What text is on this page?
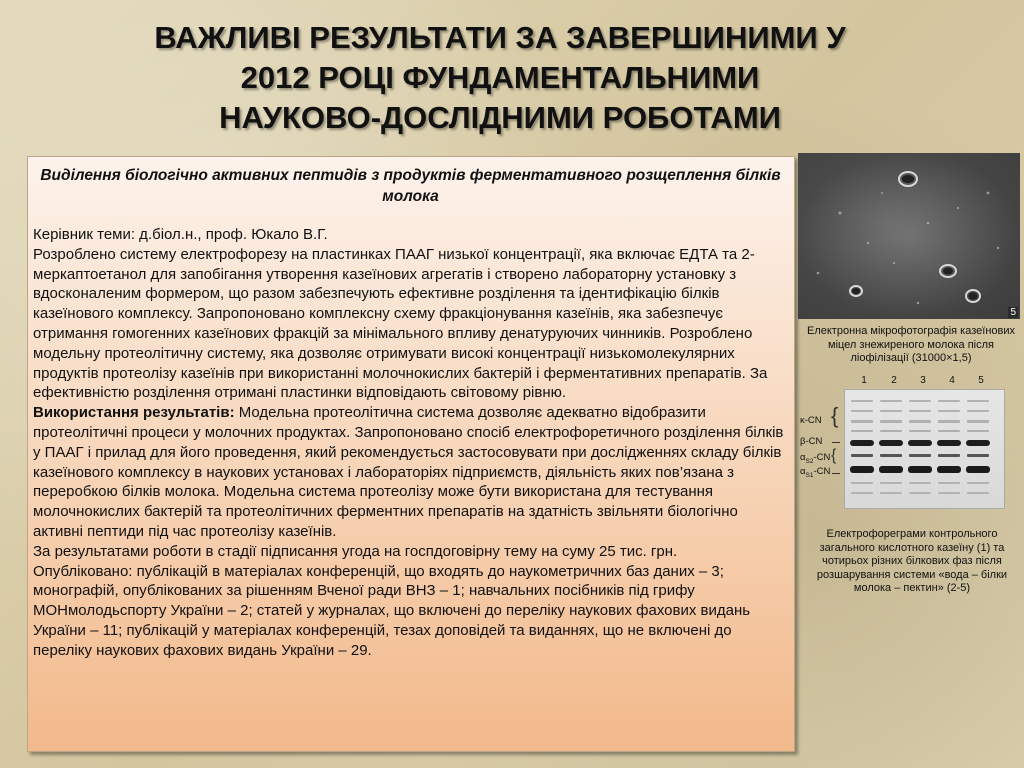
ВАЖЛИВІ РЕЗУЛЬТАТИ ЗА ЗАВЕРШИНИМИ У
2012 РОЦІ ФУНДАМЕНТАЛЬНИМИ
НАУКОВО-ДОСЛІДНИМИ РОБОТАМИ

Виділення біологічно активних пептидів з продуктів ферментативного розщеплення білків молока

Керівник теми: д.біол.н., проф. Юкало В.Г.

Розроблено систему електрофорезу на пластинках ПААГ низької концентрації, яка включає ЕДТА та 2-меркаптоетанол для запобігання утворення казеїнових агрегатів і створено лабораторну установку з вдосконаленим формером, що разом забезпечують ефективне розділення та ідентифікацію білків казеїнового комплексу. Запропоновано комплексну схему фракціонування казеїнів, яка забезпечує отримання гомогенних казеїнових фракцій за мінімального впливу денатуруючих чинників. Розроблено модельну протеолітичну систему, яка дозволяє отримувати високі концентрації низькомолекулярних продуктів протеолізу казеїнів при використанні молочнокислих бактерій і ферментативних препаратів. За ефективністю розділення отримані пластинки відповідають світовому рівню.

Використання результатів: Модельна протеолітична система дозволяє адекватно відобразити протеолітичні процеси у молочних продуктах. Запропоновано спосіб електрофоретичного розділення білків у ПААГ і прилад для його проведення, який рекомендується застосовувати при дослідженнях складу білків казеїнового комплексу в наукових установах і лабораторіях підприємств, діяльність яких пов’язана з переробкою білків молока. Модельна система протеолізу може бути використана для тестування молочнокислих бактерій та протеолітичних ферментних препаратів на здатність звільняти біологічно активні пептиди під час протеолізу казеїнів.

За результатами роботи в стадії підписання угода на госпдоговірну тему на суму 25 тис. грн.

Опубліковано: публікацій в матеріалах конференцій, що входять до наукометричних баз даних – 3; монографій, опублікованих за рішенням Вченої ради ВНЗ – 1; навчальних посібників під грифу МОНмолодьспорту України – 2; статей у журналах, що включені до переліку наукових фахових видань України – 11; публікацій у матеріалах конференцій, тезах доповідей та виданнях, що не включені до переліку наукових фахових видань України – 29.

5
Електронна мікрофотографія казеїнових міцел знежиреного молока після ліофілізації (31000×1,5)
1	2	3	4	5
κ-CN {
β-CN
$\alpha_{S2}-CN$ {
$\alpha_{S1}-CN$
Електрофореграми контрольного загального кислотного казеїну (1) та чотирьох різних білкових фаз після розшарування системи «вода – білки молока – пектин» (2-5)
